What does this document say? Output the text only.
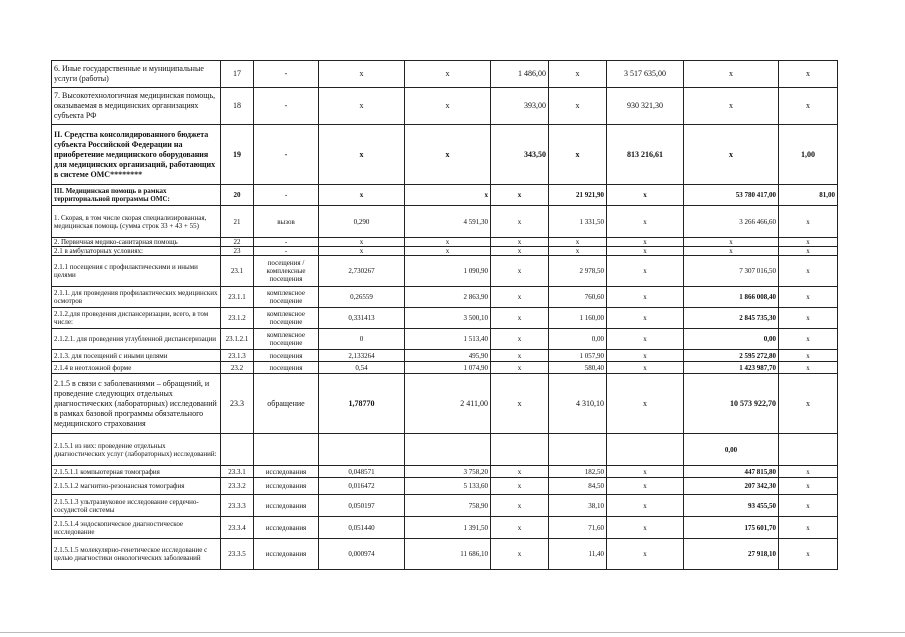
6. Иные государственные и муниципальные услуги (работы)	17	-	x	x	1 486,00	x	3 517 635,00	x	x
7. Высокотехнологичная медицинская помощь, оказываемая в медицинских организациях субъекта РФ	18	-	x	x	393,00	x	930 321,30	x	x
II. Средства консолидированного бюджета субъекта Российской Федерации на приобретение медицинского оборудования для медицинских организаций, работающих в системе ОМС********	19	-	x	x	343,50	x	813 216,61	x	1,00
III. Медицинская помощь в рамках территориальной программы ОМС:	20	-	x	x	x	21 921,90	x	53 780 417,00	81,00
1. Скорая, в том числе скорая специализированная, медицинская помощь (сумма строк 33 + 43 + 55)	21	вызов	0,290	4 591,30	x	1 331,50	x	3 266 466,60	x
2. Первичная медико-санитарная помощь	22	-	x	x	x	x	x	x	x
2.1 в амбулаторных условиях:	23	-	x	x	x	x	x	x	x
2.1.1 посещения с профилактическими и иными целями	23.1	посещения / комплексные посещения	2,730267	1 090,90	x	2 978,50	x	7 307 016,50	x
2.1.1. для проведения профилактических медицинских осмотров	23.1.1	комплексное посещение	0,26559	2 863,90	x	760,60	x	1 866 008,40	x
2.1.2.для проведения диспансеризации, всего, в том числе:	23.1.2	комплексное посещение	0,331413	3 500,10	x	1 160,00	x	2 845 735,30	x
2.1.2.1. для проведения углубленной диспансеризации	23.1.2.1	комплексное посещение	0	1 513,40	x	0,00	x	0,00	x
2.1.3. для посещений с иными целями	23.1.3	посещения	2,133264	495,90	x	1 057,90	x	2 595 272,80	x
2.1.4 в неотложной форме	23.2	посещения	0,54	1 074,90	x	580,40	x	1 423 987,70	x
2.1.5 в связи с заболеваниями – обращений, и проведение следующих отдельных диагностических (лабораторных) исследований в рамках базовой программы обязательного медицинского страхования	23.3	обращение	1,78770	2 411,00	x	4 310,10	x	10 573 922,70	x
2.1.5.1 из них: проведение отдельных диагностических услуг (лабораторных) исследований:								0,00	
2.1.5.1.1 компьютерная томография	23.3.1	исследования	0,048571	3 758,20	x	182,50	x	447 815,80	x
2.1.5.1.2 магнитно-резонансная томография	23.3.2	исследования	0,016472	5 133,60	x	84,50	x	207 342,30	x
2.1.5.1.3 ультразвуковое исследование сердечно-сосудистой системы	23.3.3	исследования	0,050197	758,90	x	38,10	x	93 455,50	x
2.1.5.1.4 эндоскопическое диагностическое исследование	23.3.4	исследования	0,051440	1 391,50	x	71,60	x	175 601,70	x
2.1.5.1.5 молекулярно-генетическое исследование с целью диагностики онкологических заболеваний	23.3.5	исследования	0,000974	11 686,10	x	11,40	x	27 918,10	x
